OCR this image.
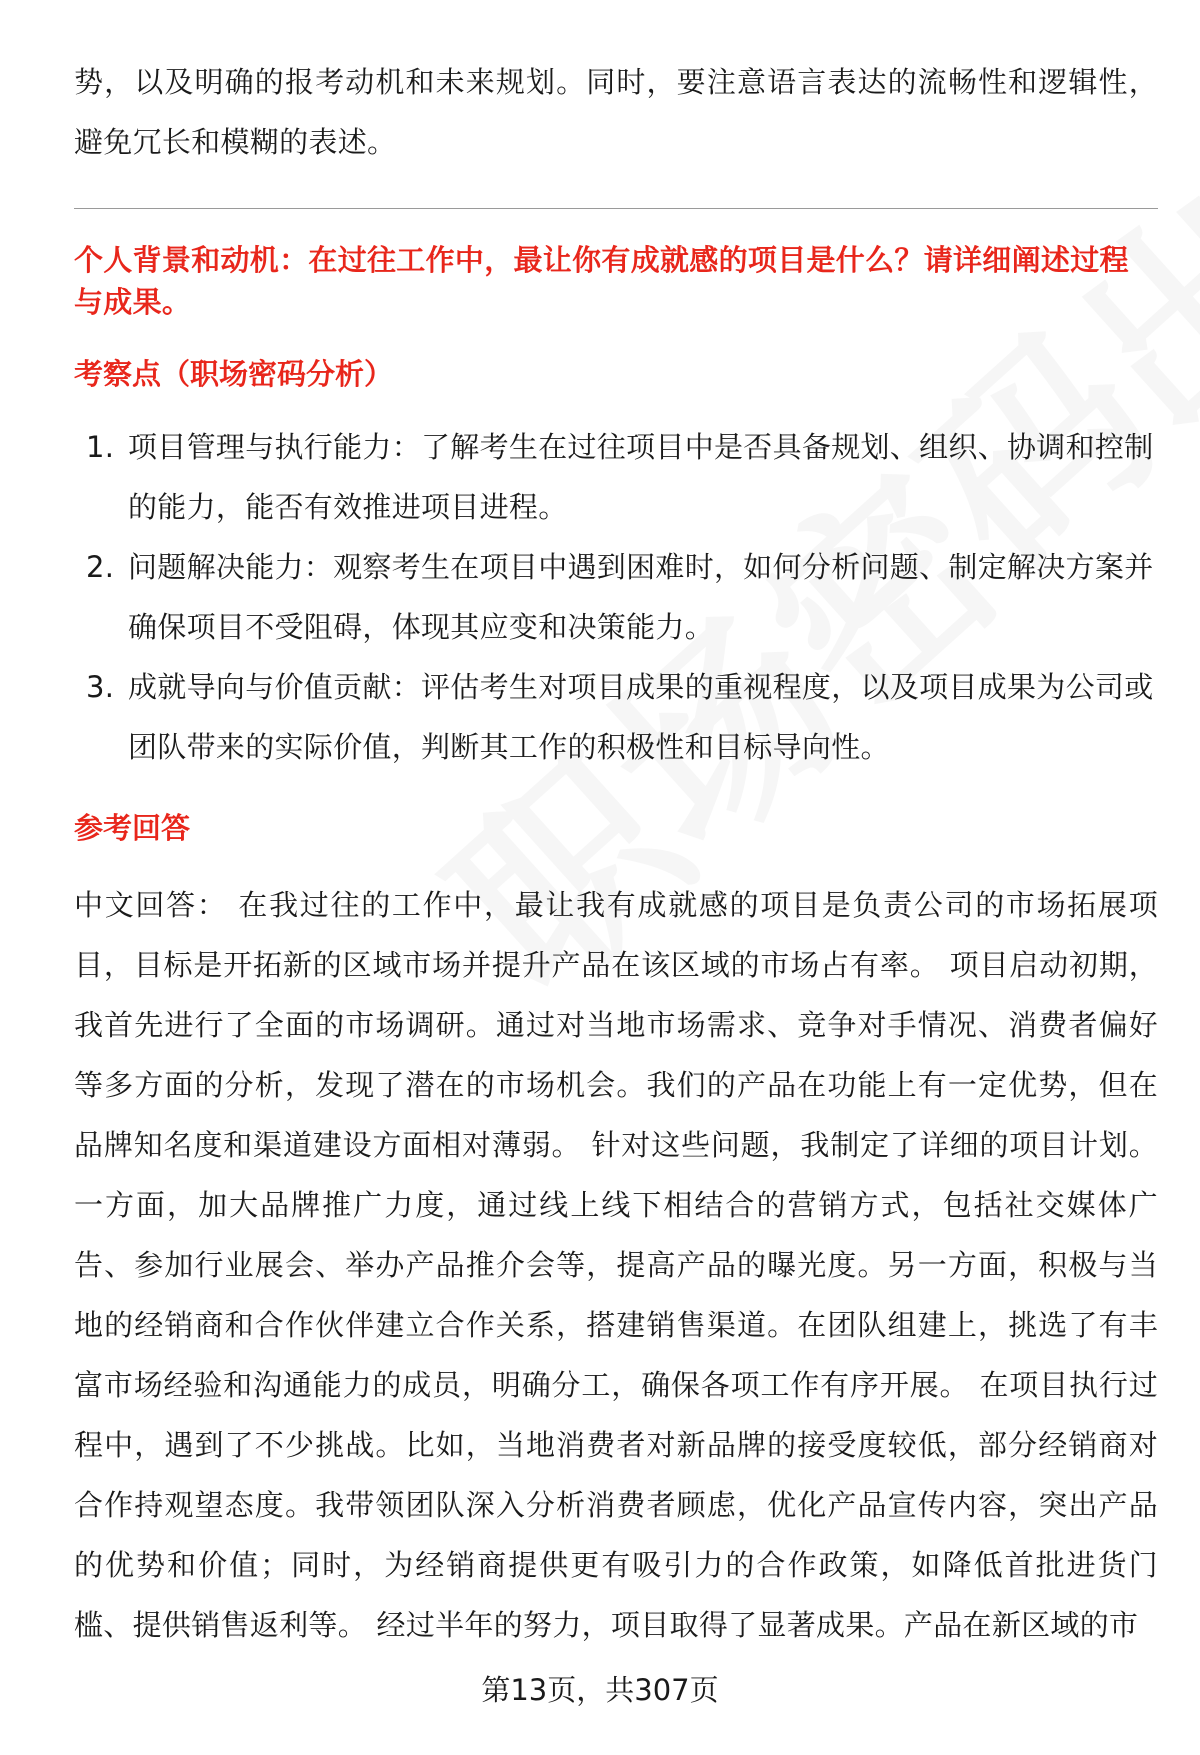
势，以及明确的报考动机和未来规划。同时，要注意语言表达的流畅性和逻辑性，避免冗长和模糊的表述。

个人背景和动机：在过往工作中，最让你有成就感的项目是什么？请详细阐述过程与成果。
考察点（职场密码分析）
1. 项目管理与执行能力：了解考生在过往项目中是否具备规划、组织、协调和控制的能力，能否有效推进项目进程。
2. 问题解决能力：观察考生在项目中遇到困难时，如何分析问题、制定解决方案并确保项目不受阻碍，体现其应变和决策能力。
3. 成就导向与价值贡献：评估考生对项目成果的重视程度，以及项目成果为公司或团队带来的实际价值，判断其工作的积极性和目标导向性。
参考回答

中文回答： 在我过往的工作中，最让我有成就感的项目是负责公司的市场拓展项目，目标是开拓新的区域市场并提升产品在该区域的市场占有率。 项目启动初期，我首先进行了全面的市场调研。通过对当地市场需求、竞争对手情况、消费者偏好等多方面的分析，发现了潜在的市场机会。我们的产品在功能上有一定优势，但在品牌知名度和渠道建设方面相对薄弱。 针对这些问题，我制定了详细的项目计划。一方面，加大品牌推广力度，通过线上线下相结合的营销方式，包括社交媒体广告、参加行业展会、举办产品推介会等，提高产品的曝光度。另一方面，积极与当地的经销商和合作伙伴建立合作关系，搭建销售渠道。在团队组建上，挑选了有丰富市场经验和沟通能力的成员，明确分工，确保各项工作有序开展。 在项目执行过程中，遇到了不少挑战。比如，当地消费者对新品牌的接受度较低，部分经销商对合作持观望态度。我带领团队深入分析消费者顾虑，优化产品宣传内容，突出产品的优势和价值；同时，为经销商提供更有吸引力的合作政策，如降低首批进货门槛、提供销售返利等。 经过半年的努力，项目取得了显著成果。产品在新区域的市

第13页，共307页
